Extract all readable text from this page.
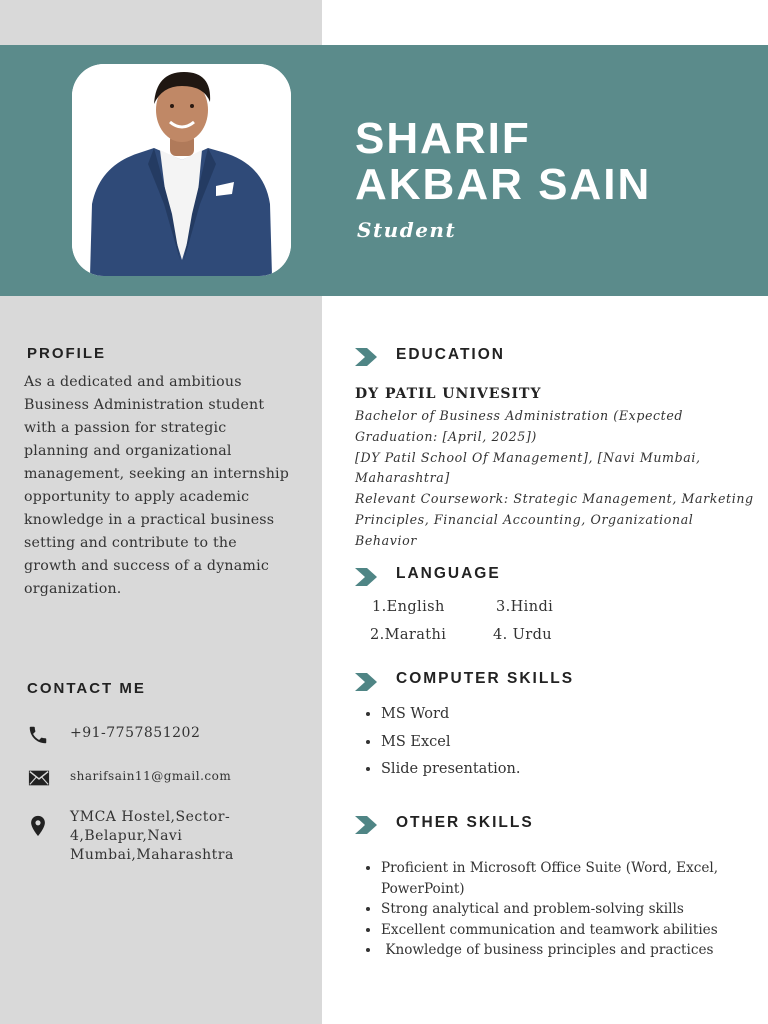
SHARIF
AKBAR SAIN
Student
PROFILE

As a dedicated and ambitious Business Administration student with a passion for strategic planning and organizational management, seeking an internship opportunity to apply academic knowledge in a practical business setting and contribute to the growth and success of a dynamic organization.

CONTACT ME
+91-7757851202
sharifsain11@gmail.com
YMCA Hostel,Sector-4,Belapur,Navi Mumbai,Maharashtra
EDUCATION
DY PATIL UNIVESITY
Bachelor of Business Administration (Expected Graduation: [April, 2025])
[DY Patil School Of Management], [Navi Mumbai, Maharashtra]
Relevant Coursework: Strategic Management, Marketing Principles, Financial Accounting, Organizational Behavior
LANGUAGE
1.English	3.Hindi
2.Marathi	4. Urdu
COMPUTER SKILLS
• MS Word
• MS Excel
• Slide presentation.
OTHER SKILLS
• Proficient in Microsoft Office Suite (Word, Excel, PowerPoint)
• Strong analytical and problem-solving skills
• Excellent communication and teamwork abilities
•  Knowledge of business principles and practices
